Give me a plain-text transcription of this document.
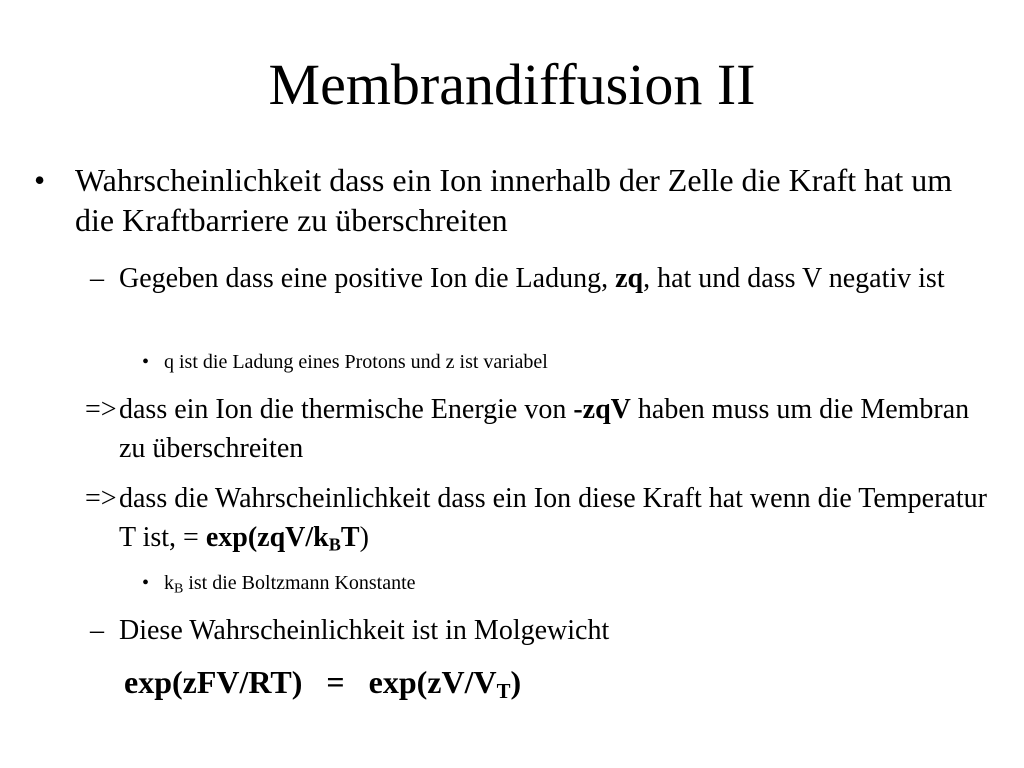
Membrandiffusion II
• Wahrscheinlichkeit dass ein Ion innerhalb der Zelle die Kraft hat um die Kraftbarriere zu überschreiten
– Gegeben dass eine positive Ion die Ladung, zq, hat und dass V negativ ist
• q ist die Ladung eines Protons und z ist variabel
=>
=>
• $k_B$ ist die Boltzmann Konstante
– Diese Wahrscheinlichkeit ist in Molgewicht
$\exp(zFV/RT) = \exp(zV/V_T)$
dass ein Ion die thermische Energie von -zqV haben muss um die Membran zu überschreiten
dass die Wahrscheinlichkeit dass ein Ion diese Kraft hat wenn die Temperatur T ist, = $\exp(zqV/k_BT)$
